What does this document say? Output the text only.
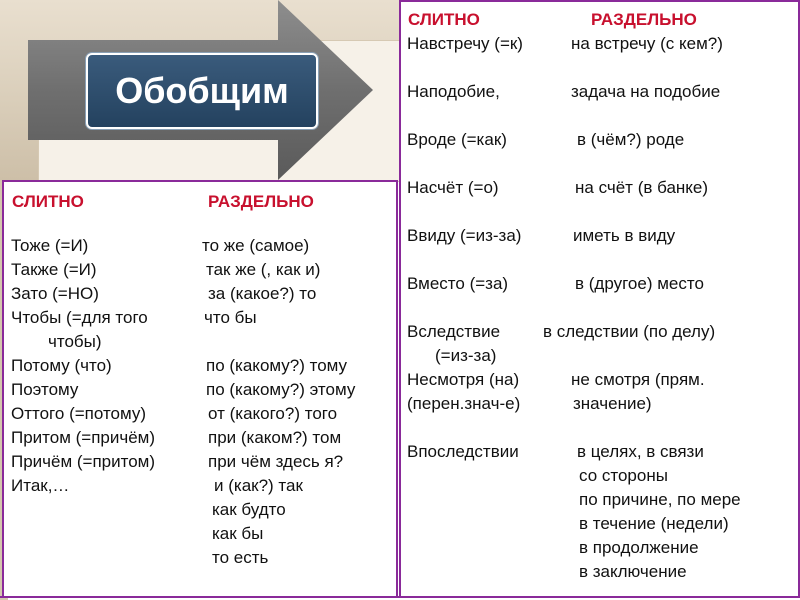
Обобщим
СЛИТНО	РАЗДЕЛЬНО
Тоже (=И)	то же (самое)
Также (=И)	так же (, как и)
Зато (=НО)	за (какое?) то
Чтобы (=для того	что бы
чтобы)
Потому (что)	по (какому?) тому
Поэтому	по (какому?) этому
Оттого (=потому)	от (какого?) того
Притом (=причём)	при (каком?) том
Причём (=притом)	при чём здесь я?
Итак,…	и (как?) так
как будто
как бы
то есть
СЛИТНО	РАЗДЕЛЬНО
Навстречу (=к)	на встречу (с кем?)
Наподобие,	задача на подобие
Вроде (=как)	в (чём?) роде
Насчёт (=о)	на счёт (в банке)
Ввиду (=из-за)	иметь в виду
Вместо (=за)	в (другое) место
Вследствие	в следствии (по делу)
(=из-за)
Несмотря (на)	не смотря (прям.
(перен.знач-е)	значение)
Впоследствии	в целях, в связи
со стороны
по причине, по мере
в течение (недели)
в продолжение
в заключение
